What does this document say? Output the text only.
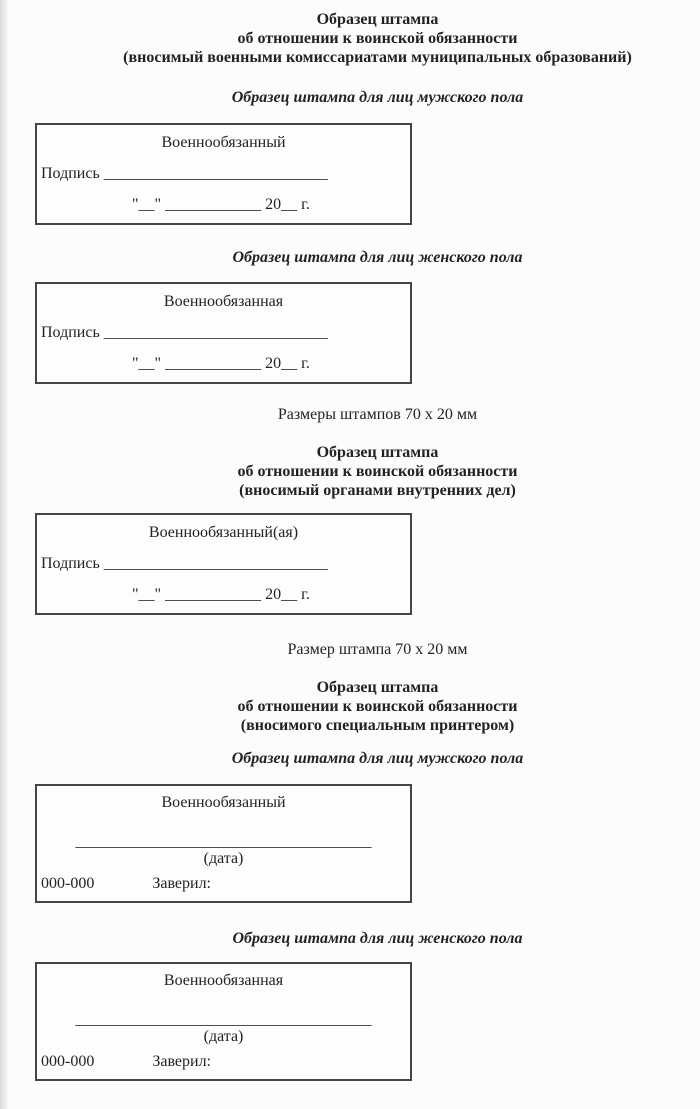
Образец штампа
об отношении к воинской обязанности
(вносимый военными комиссариатами муниципальных образований)
Образец штампа для лиц мужского пола
Военнообязанный
Подпись ____________________________
"__" ____________ 20__ г.
Образец штампа для лиц женского пола
Военнообязанная
Подпись ____________________________
"__" ____________ 20__ г.
Размеры штампов 70 х 20 мм
Образец штампа
об отношении к воинской обязанности
(вносимый органами внутренних дел)
Военнообязанный(ая)
Подпись ____________________________
"__" ____________ 20__ г.
Размер штампа 70 х 20 мм
Образец штампа
об отношении к воинской обязанности
(вносимого специальным принтером)
Образец штампа для лиц мужского пола
Военнообязанный
_____________________________________
(дата)
000-000	Заверил:
Образец штампа для лиц женского пола
Военнообязанная
_____________________________________
(дата)
000-000	Заверил:
